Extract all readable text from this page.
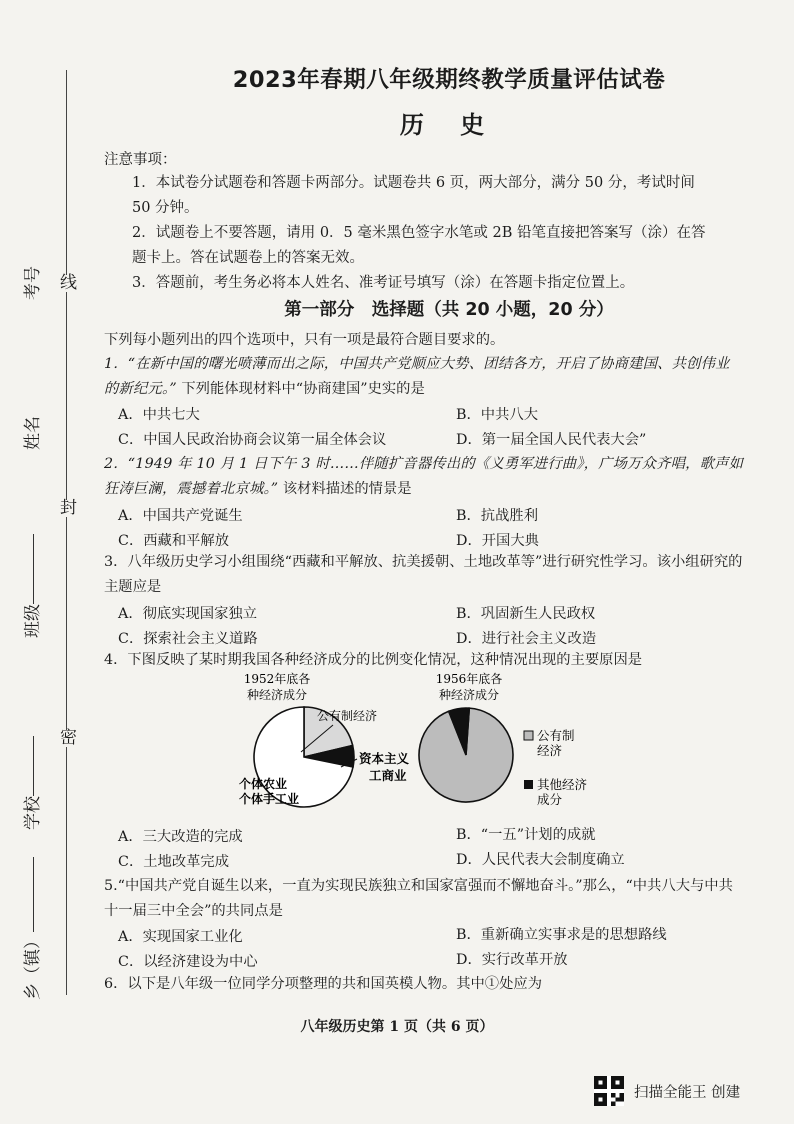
线
封
密
考号
姓名
班级
学校
乡（镇）
2023年春期八年级期终教学质量评估试卷
历 史
注意事项：
1．本试卷分试题卷和答题卡两部分。试题卷共 6 页，两大部分，满分 50 分，考试时间 50 分钟。
2．试题卷上不要答题，请用 0．5 毫米黑色签字水笔或 2B 铅笔直接把答案写（涂）在答题卡上。答在试题卷上的答案无效。
3．答题前，考生务必将本人姓名、准考证号填写（涂）在答题卡指定位置上。
第一部分　选择题（共 20 小题，20 分）
下列每小题列出的四个选项中，只有一项是最符合题目要求的。
1．“在新中国的曙光喷薄而出之际，中国共产党顺应大势、团结各方，开启了协商建国、共创伟业的新纪元。” 下列能体现材料中“协商建国”史实的是
A．中共七大	B．中共八大
C．中国人民政治协商会议第一届全体会议	D．第一届全国人民代表大会”
2．“1949 年 10 月 1 日下午 3 时……伴随扩音器传出的《义勇军进行曲》，广场万众齐唱，歌声如狂涛巨澜，震撼着北京城。” 该材料描述的情景是
A．中国共产党诞生	B．抗战胜利
C．西藏和平解放	D．开国大典
3．八年级历史学习小组围绕“西藏和平解放、抗美援朝、土地改革等”进行研究性学习。该小组研究的主题应是
A．彻底实现国家独立	B．巩固新生人民政权
C．探索社会主义道路	D．进行社会主义改造
4．下图反映了某时期我国各种经济成分的比例变化情况，这种情况出现的主要原因是
1952年底各
种经济成分
公有制经济
资本主义
工商业
个体农业
个体手工业
1956年底各
种经济成分
公有制
经济
其他经济
成分
A．三大改造的完成	B．“一五”计划的成就
C．土地改革完成	D．人民代表大会制度确立
5.“中国共产党自诞生以来，一直为实现民族独立和国家富强而不懈地奋斗。”那么，“中共八大与中共十一届三中全会”的共同点是
A．实现国家工业化	B．重新确立实事求是的思想路线
C．以经济建设为中心	D．实行改革开放
6．以下是八年级一位同学分项整理的共和国英模人物。其中①处应为
八年级历史第 1 页（共 6 页）
扫描全能王 创建
